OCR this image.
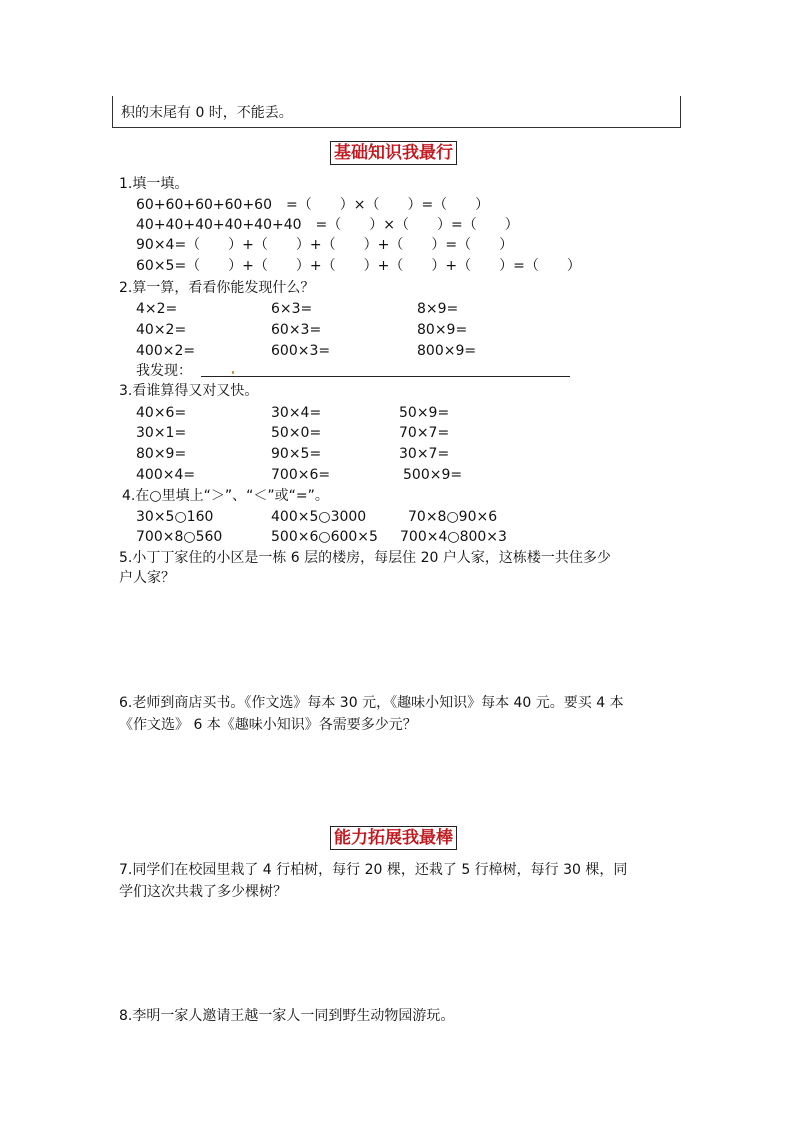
积的末尾有 0 时，不能丢。
基础知识我最行
1.填一填。
60+60+60+60+60　=（　　）×（　　）=（　　）
40+40+40+40+40+40　=（　　）×（　　）=（　　）
90×4=（　　）+（　　）+（　　）+（　　）=（　　）
60×5=（　　）+（　　）+（　　）+（　　）+（　　）=（　　）
2.算一算，看看你能发现什么？
4×2=	6×3=	8×9=
40×2=	60×3=	80×9=
400×2=	600×3=	800×9=
我发现：
3.看谁算得又对又快。
40×6=	30×4=	50×9=
30×1=	50×0=	70×7=
80×9=	90×5=	30×7=
400×4=	700×6=	500×9=
4.在○里填上“＞”、“＜”或“=”。
30×5○160	400×5○3000	70×8○90×6
700×8○560	500×6○600×5 700×4○800×3
5.小丁丁家住的小区是一栋 6 层的楼房，每层住 20 户人家，这栋楼一共住多少
户人家？
6.老师到商店买书。《作文选》每本 30 元，《趣味小知识》每本 40 元。要买 4 本
《作文选》 6 本《趣味小知识》各需要多少元？
能力拓展我最棒
7.同学们在校园里栽了 4 行柏树，每行 20 棵，还栽了 5 行樟树，每行 30 棵，同
学们这次共栽了多少棵树？
8.李明一家人邀请王越一家人一同到野生动物园游玩。
